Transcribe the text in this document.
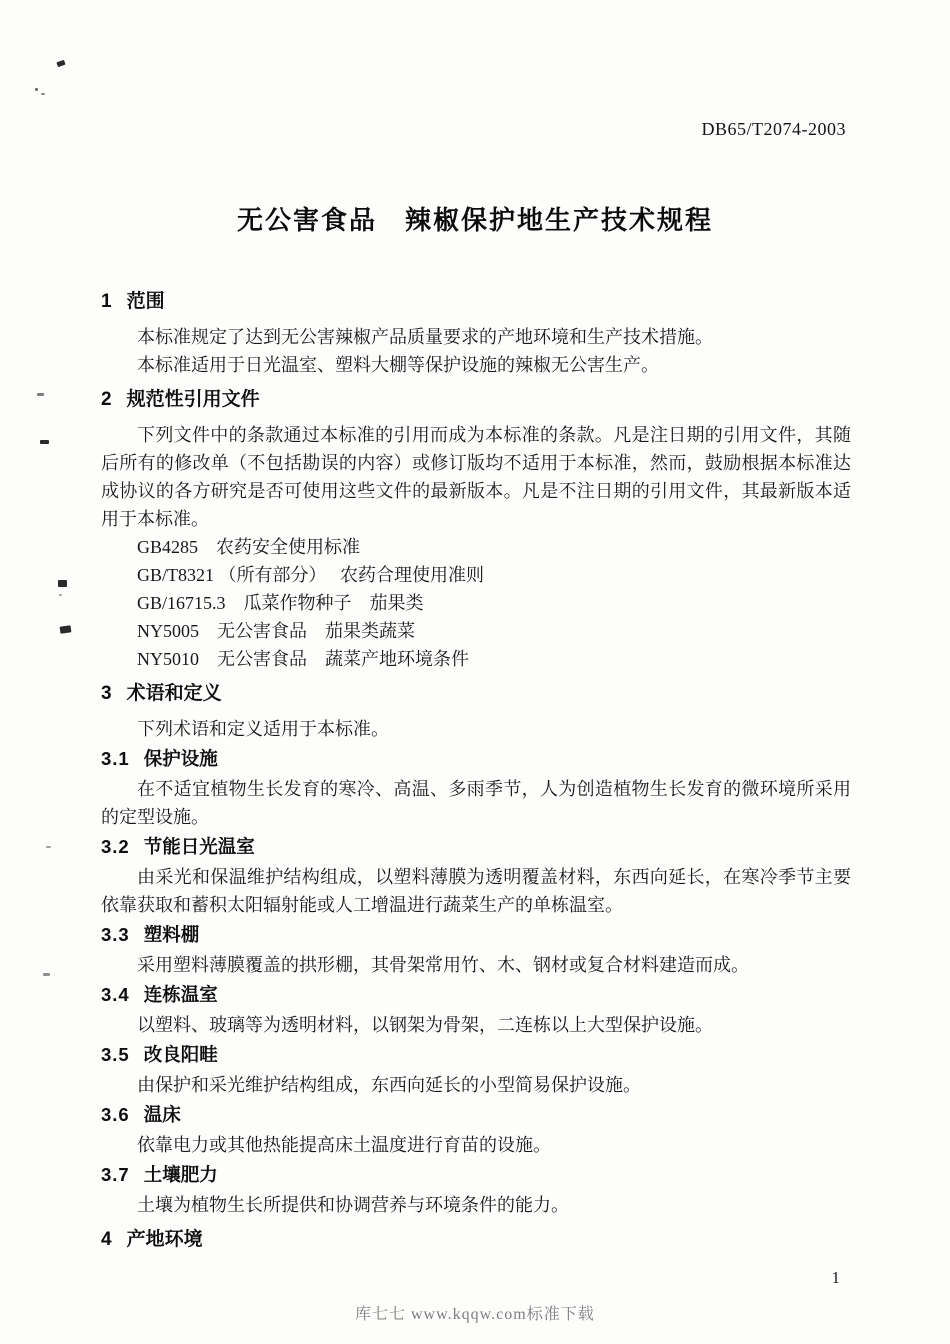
DB65/T2074-2003
无公害食品　辣椒保护地生产技术规程
1 范围

本标准规定了达到无公害辣椒产品质量要求的产地环境和生产技术措施。

本标准适用于日光温室、塑料大棚等保护设施的辣椒无公害生产。

2 规范性引用文件

下列文件中的条款通过本标准的引用而成为本标准的条款。凡是注日期的引用文件，其随后所有的修改单（不包括勘误的内容）或修订版均不适用于本标准，然而，鼓励根据本标准达成协议的各方研究是否可使用这些文件的最新版本。凡是不注日期的引用文件，其最新版本适用于本标准。

GB4285　农药安全使用标准

GB/T8321 （所有部分）　 农药合理使用准则

GB/16715.3　瓜菜作物种子　茄果类

NY5005　无公害食品　茄果类蔬菜

NY5010　无公害食品　蔬菜产地环境条件

3 术语和定义

下列术语和定义适用于本标准。

3.1 保护设施

在不适宜植物生长发育的寒冷、高温、多雨季节，人为创造植物生长发育的微环境所采用的定型设施。

3.2 节能日光温室

由采光和保温维护结构组成，以塑料薄膜为透明覆盖材料，东西向延长，在寒冷季节主要依靠获取和蓄积太阳辐射能或人工增温进行蔬菜生产的单栋温室。

3.3 塑料棚

采用塑料薄膜覆盖的拱形棚，其骨架常用竹、木、钢材或复合材料建造而成。

3.4 连栋温室

以塑料、玻璃等为透明材料，以钢架为骨架，二连栋以上大型保护设施。

3.5 改良阳畦

由保护和采光维护结构组成，东西向延长的小型简易保护设施。

3.6 温床

依靠电力或其他热能提高床土温度进行育苗的设施。

3.7 土壤肥力

土壤为植物生长所提供和协调营养与环境条件的能力。

4 产地环境
1
库七七 www.kqqw.com标准下载
